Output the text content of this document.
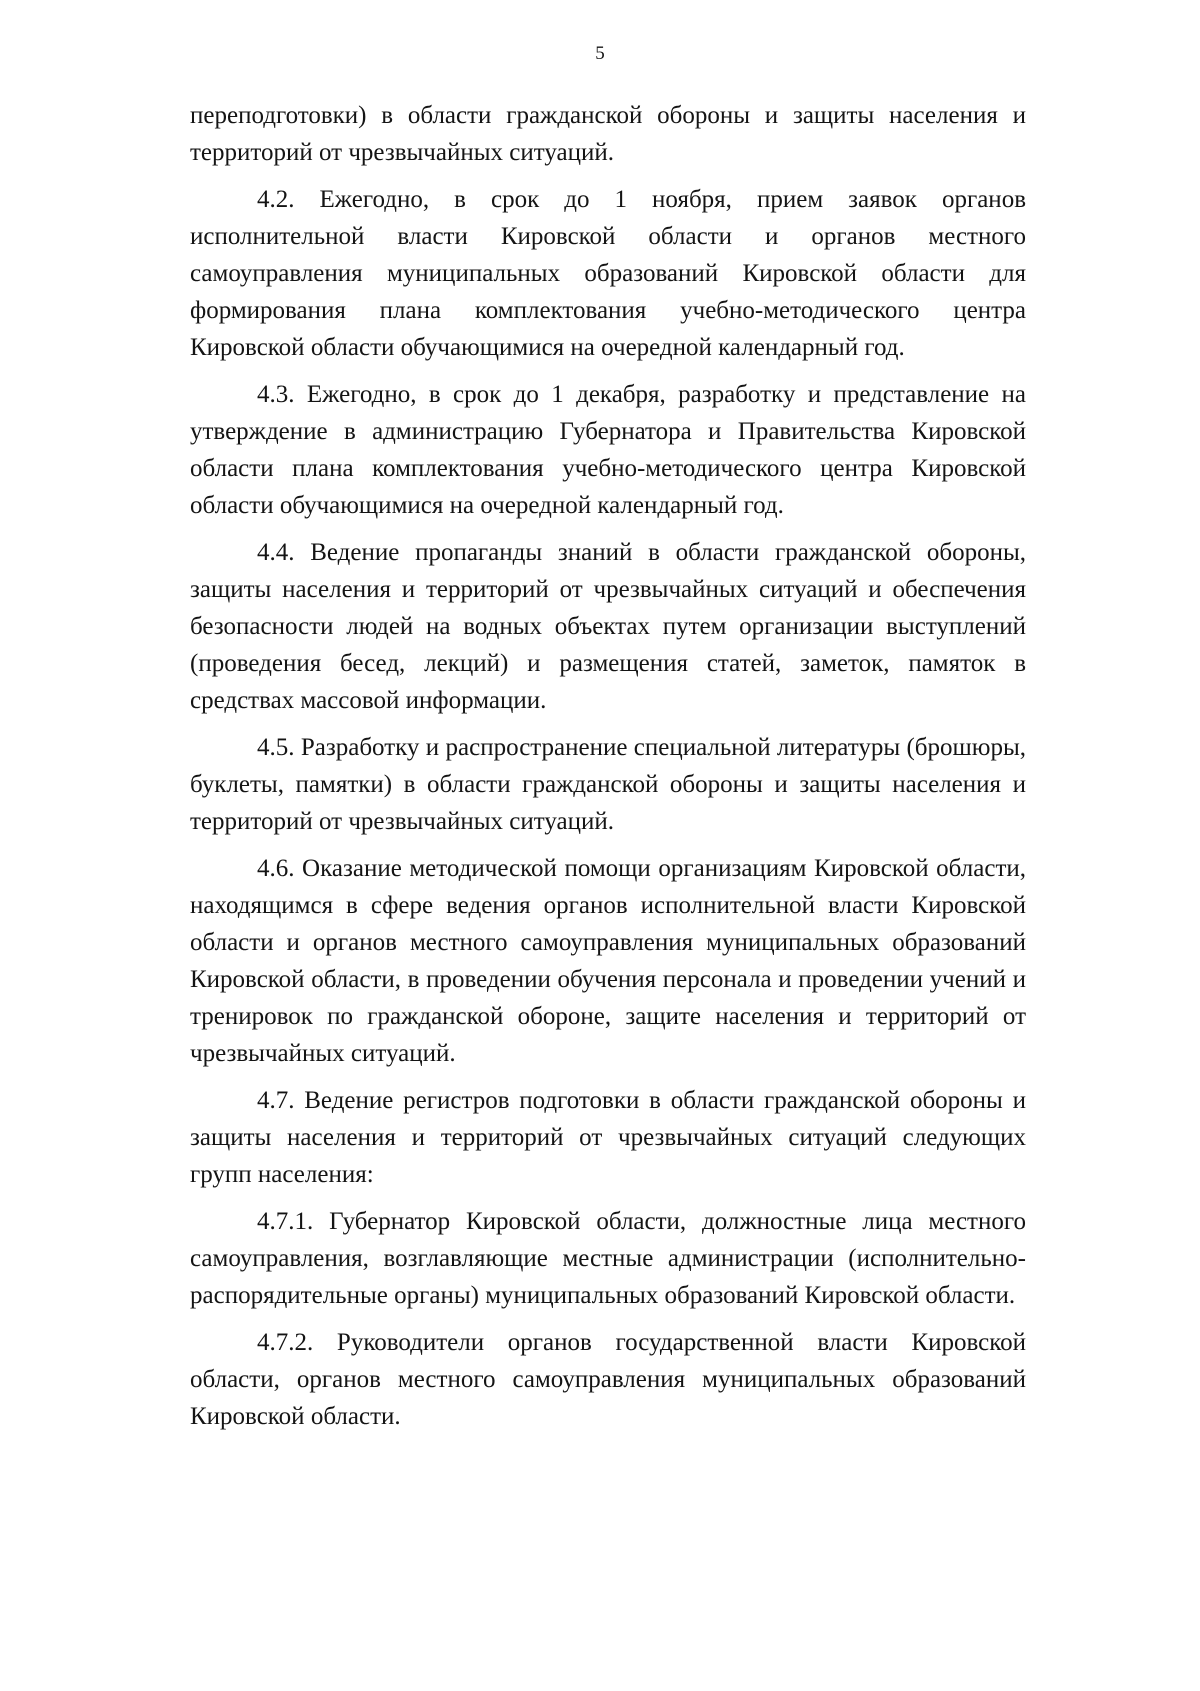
5

переподготовки) в области гражданской обороны и защиты населения и территорий от чрезвычайных ситуаций.

4.2. Ежегодно, в срок до 1 ноября, прием заявок органов исполнительной власти Кировской области и органов местного самоуправления муниципальных образований Кировской области для формирования плана комплектования учебно-методического центра Кировской области обучающимися на очередной календарный год.

4.3. Ежегодно, в срок до 1 декабря, разработку и представление на утверждение в администрацию Губернатора и Правительства Кировской области плана комплектования учебно-методического центра Кировской области обучающимися на очередной календарный год.

4.4. Ведение пропаганды знаний в области гражданской обороны, защиты населения и территорий от чрезвычайных ситуаций и обеспечения безопасности людей на водных объектах путем организации выступлений (проведения бесед, лекций) и размещения статей, заметок, памяток в средствах массовой информации.

4.5. Разработку и распространение специальной литературы (брошюры, буклеты, памятки) в области гражданской обороны и защиты населения и территорий от чрезвычайных ситуаций.

4.6. Оказание методической помощи организациям Кировской области, находящимся в сфере ведения органов исполнительной власти Кировской области и органов местного самоуправления муниципальных образований Кировской области, в проведении обучения персонала и проведении учений и тренировок по гражданской обороне, защите населения и территорий от чрезвычайных ситуаций.

4.7. Ведение регистров подготовки в области гражданской обороны и защиты населения и территорий от чрезвычайных ситуаций следующих групп населения:

4.7.1. Губернатор Кировской области, должностные лица местного самоуправления, возглавляющие местные администрации (исполнительно-распорядительные органы) муниципальных образований Кировской области.

4.7.2. Руководители органов государственной власти Кировской области, органов местного самоуправления муниципальных образований Кировской области.
